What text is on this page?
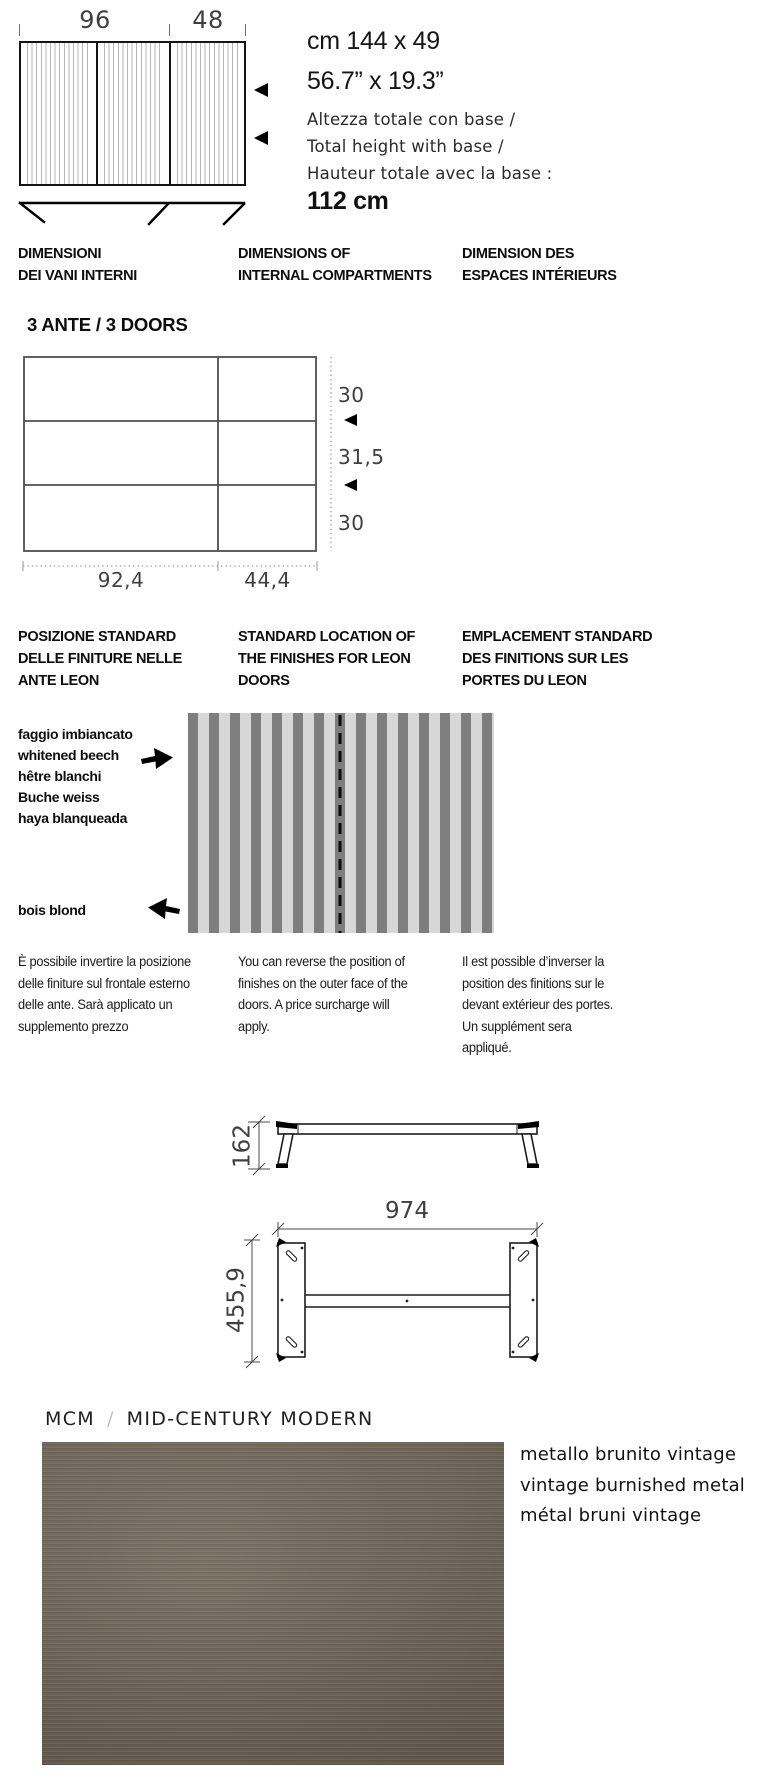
96	48
cm 144 x 49
56.7” x 19.3”
Altezza totale con base /
Total height with base /
Hauteur totale avec la base :
112 cm
DIMENSIONI
DEI VANI INTERNI
DIMENSIONS OF
INTERNAL COMPARTMENTS
DIMENSION DES
ESPACES INTÉRIEURS
3 ANTE / 3 DOORS
30
31,5
30
92,4	44,4
POSIZIONE STANDARD
DELLE FINITURE NELLE
ANTE LEON
STANDARD LOCATION OF
THE FINISHES FOR LEON
DOORS
EMPLACEMENT STANDARD
DES FINITIONS SUR LES
PORTES DU LEON
faggio imbiancato
whitened beech
hêtre blanchi
Buche weiss
haya blanqueada
bois blond
È possibile invertire la posizione
delle finiture sul frontale esterno
delle ante. Sarà applicato un
supplemento prezzo
You can reverse the position of
finishes on the outer face of the
doors. A price surcharge will
apply.
Il est possible d’inverser la
position des finitions sur le
devant extérieur des portes.
Un supplément sera
appliqué.
162
974
455,9
MCM / MID-CENTURY MODERN
metallo brunito vintage
vintage burnished metal
métal bruni vintage
